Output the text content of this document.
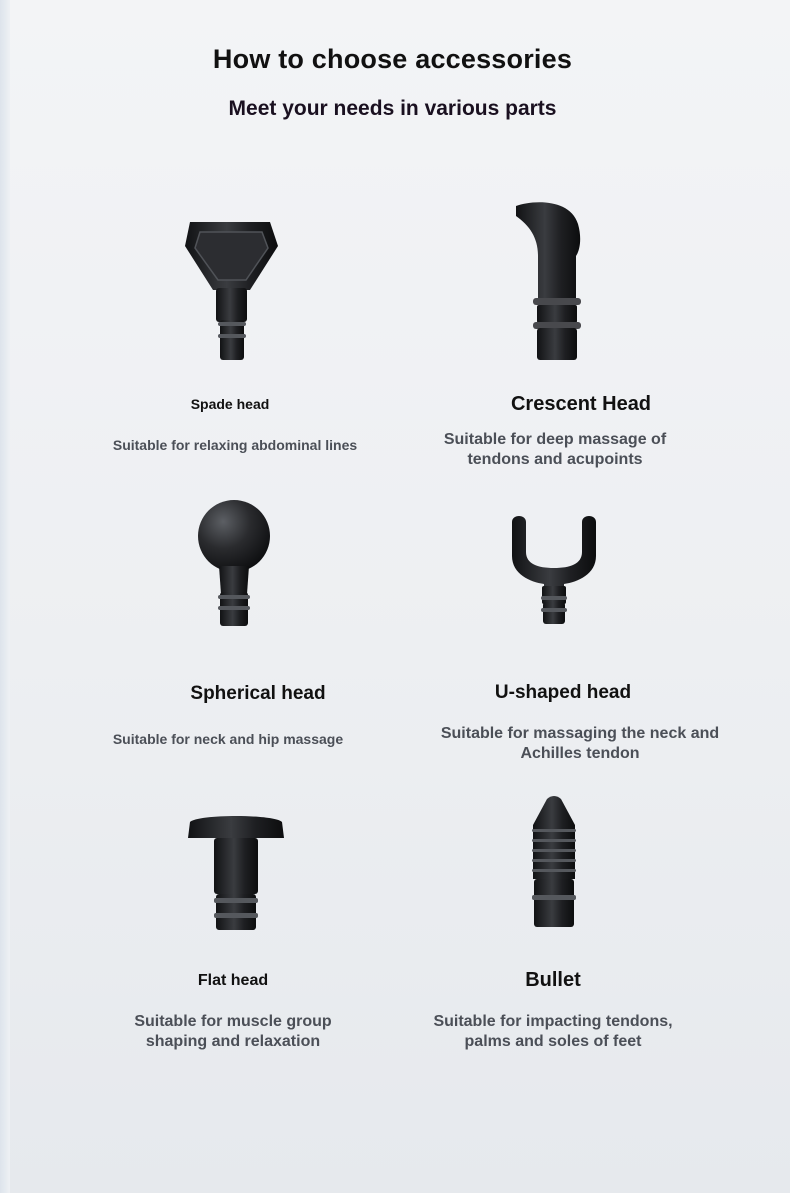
How to choose accessories
Meet your needs in various parts
Spade head
Suitable for relaxing abdominal lines
Crescent Head
Suitable for deep massage of
tendons and acupoints
Spherical head
Suitable for neck and hip massage
U-shaped head
Suitable for massaging the neck and
Achilles tendon
Flat head
Suitable for muscle group
shaping and relaxation
Bullet
Suitable for impacting tendons,
palms and soles of feet
